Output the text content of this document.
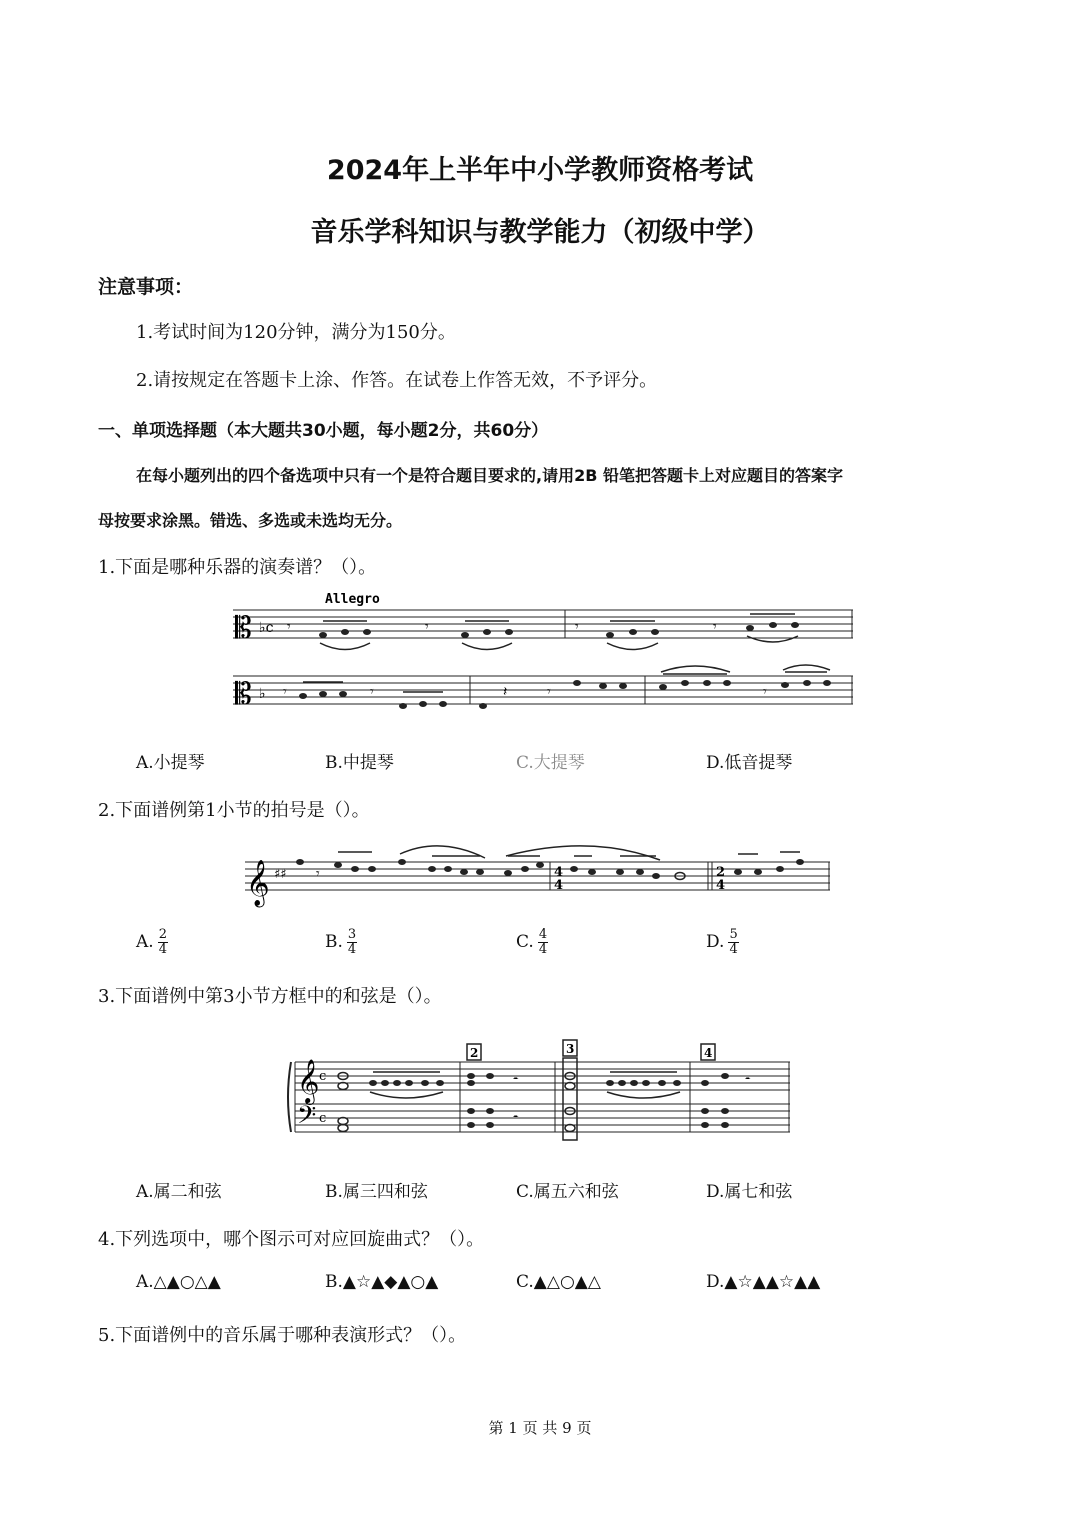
2024年上半年中小学教师资格考试
音乐学科知识与教学能力（初级中学）
注意事项：
1.考试时间为120分钟，满分为150分。
2.请按规定在答题卡上涂、作答。在试卷上作答无效，不予评分。
一、单项选择题（本大题共30小题，每小题2分，共60分）
在每小题列出的四个备选项中只有一个是符合题目要求的,请用2B 铅笔把答题卡上对应题目的答案字
母按要求涂黑。错选、多选或未选均无分。
1.下面是哪种乐器的演奏谱？（）。
Allegro
𝄡
𝄡
♭c
♭
𝄾	𝄾	𝄾	𝄾
𝄾	𝄾	𝄽	𝄾	𝄾
A.小提琴	B.中提琴	C.大提琴	D.低音提琴
2.下面谱例第1小节的拍号是（）。
𝄞 ♯♯	4
4
2
4
𝄾
A. $\frac{2}{4}$	B. $\frac{3}{4}$	C. $\frac{4}{4}$	D. $\frac{5}{4}$
3.下面谱例中第3小节方框中的和弦是（）。
𝄞
𝄢
c
c
2	3	4
𝄼
𝄼
𝄼
A.属二和弦	B.属三四和弦	C.属五六和弦	D.属七和弦
4.下列选项中，哪个图示可对应回旋曲式？（）。
A.△▲○△▲	B.▲☆▲◆▲○▲	C.▲△○▲△	D.▲☆▲▲☆▲▲
5.下面谱例中的音乐属于哪种表演形式？（）。
第 1 页 共 9 页
